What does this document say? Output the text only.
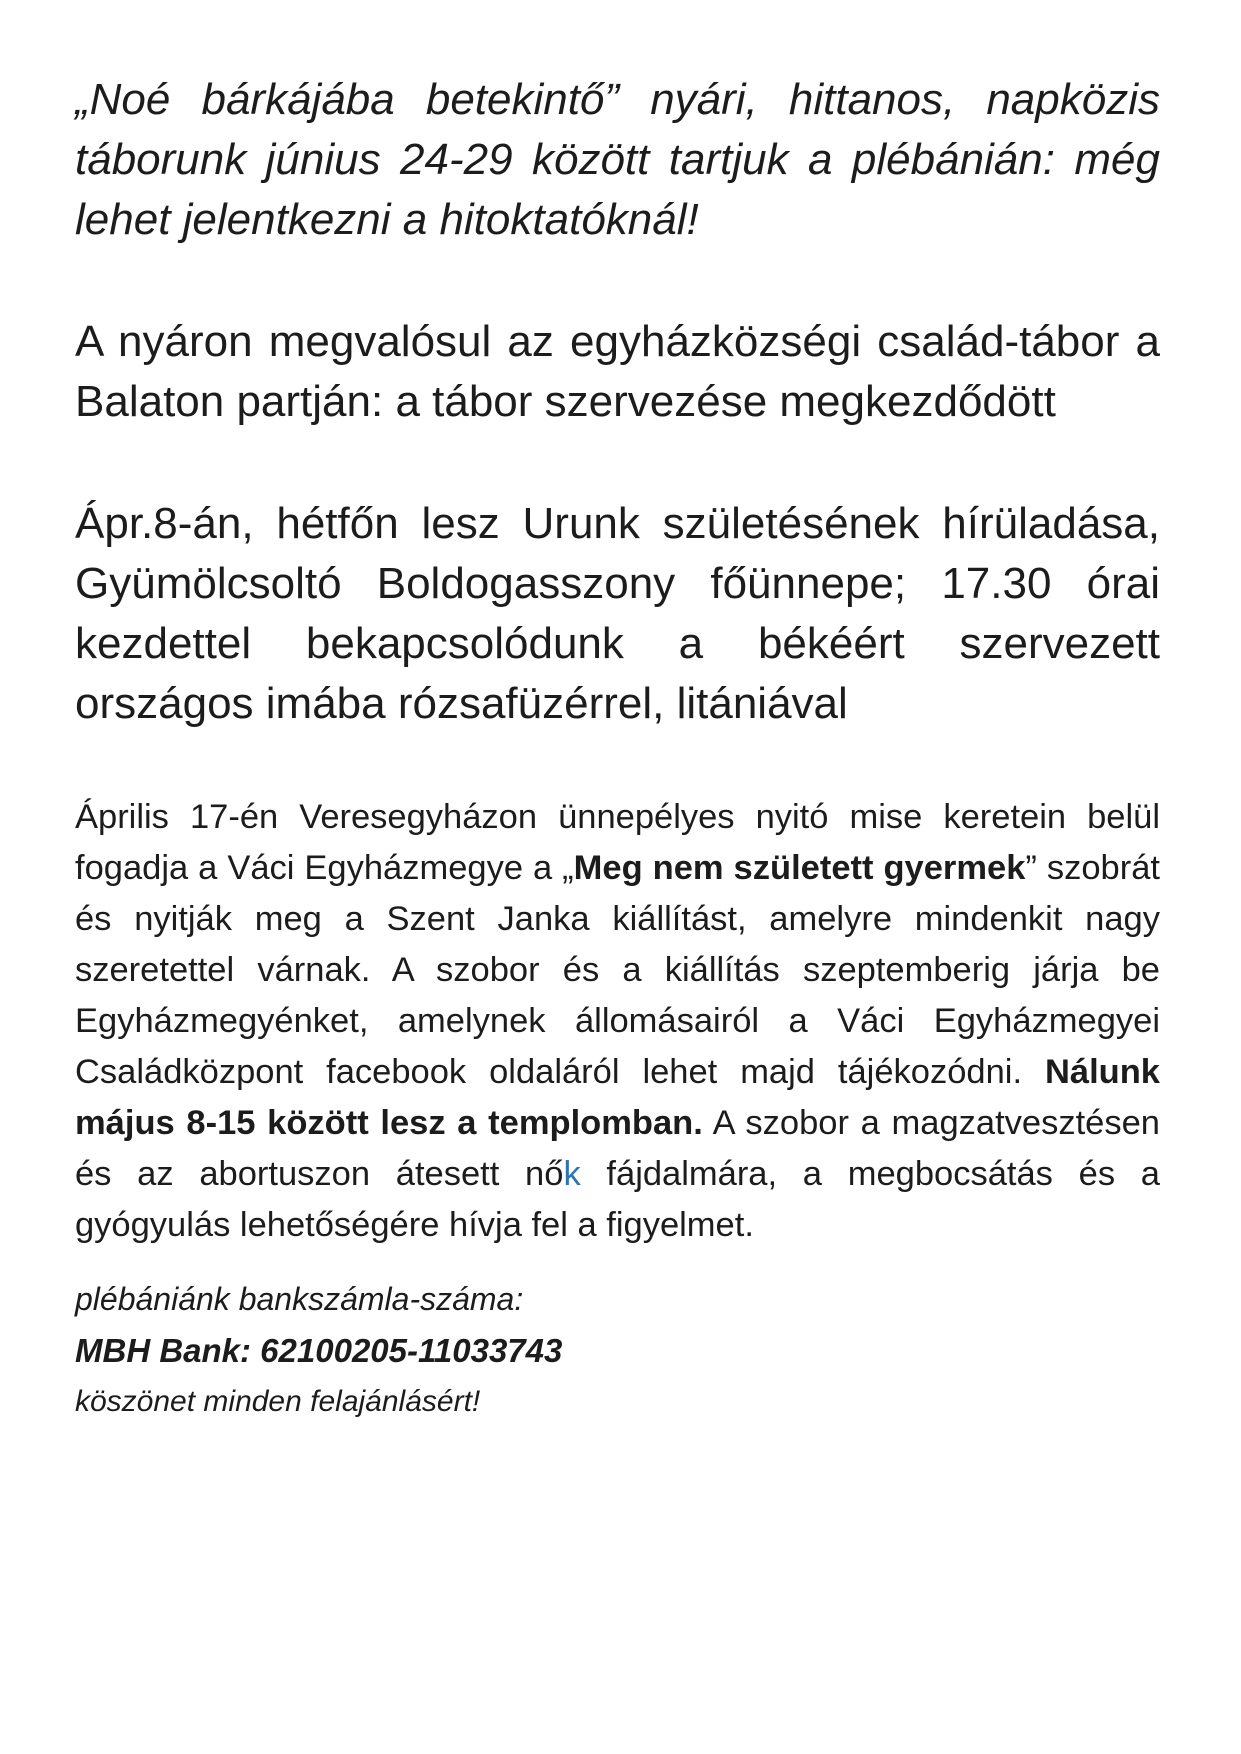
„Noé bárkájába betekintő” nyári, hittanos, napközis táborunk június 24-29 között tartjuk a plébánián: még lehet jelentkezni a hitoktatóknál!

A nyáron megvalósul az egyházközségi család-tábor a Balaton partján: a tábor szervezése megkezdődött

Ápr.8-án, hétfőn lesz Urunk születésének hírüladása, Gyümölcsoltó Boldogasszony főünnepe; 17.30 órai kezdettel bekapcsolódunk a békéért szervezett országos imába rózsafüzérrel, litániával

Április 17-én Veresegyházon ünnepélyes nyitó mise keretein belül fogadja a Váci Egyházmegye a „Meg nem született gyermek” szobrát és nyitják meg a Szent Janka kiállítást, amelyre mindenkit nagy szeretettel várnak. A szobor és a kiállítás szeptemberig járja be Egyházmegyénket, amelynek állomásairól a Váci Egyházmegyei Családközpont facebook oldaláról lehet majd tájékozódni. Nálunk május 8-15 között lesz a templomban. A szobor a magzatvesztésen és az abortuszon átesett nők fájdalmára, a megbocsátás és a gyógyulás lehetőségére hívja fel a figyelmet.

plébániánk bankszámla-száma:

MBH Bank: 62100205-11033743

köszönet minden felajánlásért!
